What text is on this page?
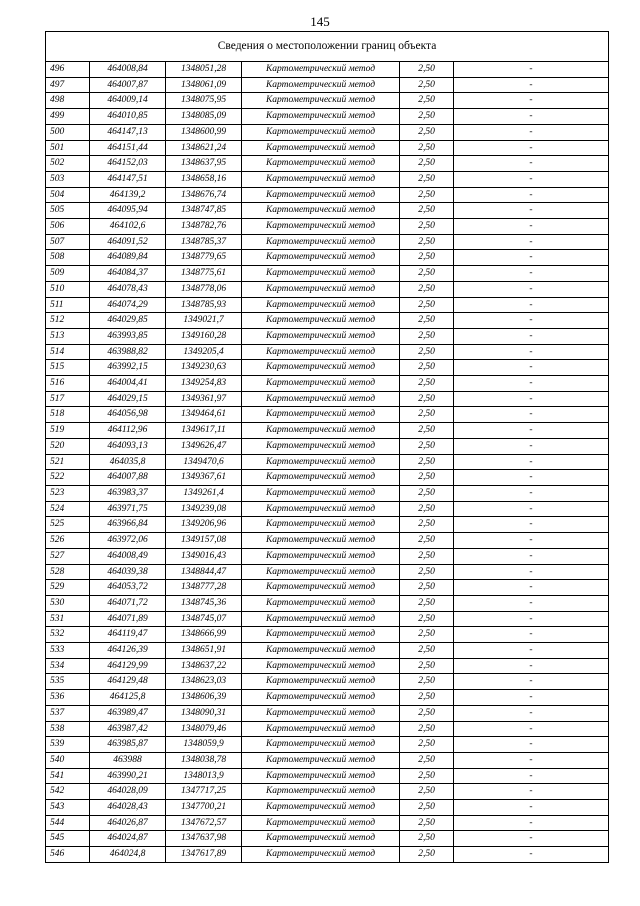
145
Сведения о местоположении границ объекта					
496	464008,84	1348051,28	Картометрический метод	2,50	-
497	464007,87	1348061,09	Картометрический метод	2,50	-
498	464009,14	1348075,95	Картометрический метод	2,50	-
499	464010,85	1348085,09	Картометрический метод	2,50	-
500	464147,13	1348600,99	Картометрический метод	2,50	-
501	464151,44	1348621,24	Картометрический метод	2,50	-
502	464152,03	1348637,95	Картометрический метод	2,50	-
503	464147,51	1348658,16	Картометрический метод	2,50	-
504	464139,2	1348676,74	Картометрический метод	2,50	-
505	464095,94	1348747,85	Картометрический метод	2,50	-
506	464102,6	1348782,76	Картометрический метод	2,50	-
507	464091,52	1348785,37	Картометрический метод	2,50	-
508	464089,84	1348779,65	Картометрический метод	2,50	-
509	464084,37	1348775,61	Картометрический метод	2,50	-
510	464078,43	1348778,06	Картометрический метод	2,50	-
511	464074,29	1348785,93	Картометрический метод	2,50	-
512	464029,85	1349021,7	Картометрический метод	2,50	-
513	463993,85	1349160,28	Картометрический метод	2,50	-
514	463988,82	1349205,4	Картометрический метод	2,50	-
515	463992,15	1349230,63	Картометрический метод	2,50	-
516	464004,41	1349254,83	Картометрический метод	2,50	-
517	464029,15	1349361,97	Картометрический метод	2,50	-
518	464056,98	1349464,61	Картометрический метод	2,50	-
519	464112,96	1349617,11	Картометрический метод	2,50	-
520	464093,13	1349626,47	Картометрический метод	2,50	-
521	464035,8	1349470,6	Картометрический метод	2,50	-
522	464007,88	1349367,61	Картометрический метод	2,50	-
523	463983,37	1349261,4	Картометрический метод	2,50	-
524	463971,75	1349239,08	Картометрический метод	2,50	-
525	463966,84	1349206,96	Картометрический метод	2,50	-
526	463972,06	1349157,08	Картометрический метод	2,50	-
527	464008,49	1349016,43	Картометрический метод	2,50	-
528	464039,38	1348844,47	Картометрический метод	2,50	-
529	464053,72	1348777,28	Картометрический метод	2,50	-
530	464071,72	1348745,36	Картометрический метод	2,50	-
531	464071,89	1348745,07	Картометрический метод	2,50	-
532	464119,47	1348666,99	Картометрический метод	2,50	-
533	464126,39	1348651,91	Картометрический метод	2,50	-
534	464129,99	1348637,22	Картометрический метод	2,50	-
535	464129,48	1348623,03	Картометрический метод	2,50	-
536	464125,8	1348606,39	Картометрический метод	2,50	-
537	463989,47	1348090,31	Картометрический метод	2,50	-
538	463987,42	1348079,46	Картометрический метод	2,50	-
539	463985,87	1348059,9	Картометрический метод	2,50	-
540	463988	1348038,78	Картометрический метод	2,50	-
541	463990,21	1348013,9	Картометрический метод	2,50	-
542	464028,09	1347717,25	Картометрический метод	2,50	-
543	464028,43	1347700,21	Картометрический метод	2,50	-
544	464026,87	1347672,57	Картометрический метод	2,50	-
545	464024,87	1347637,98	Картометрический метод	2,50	-
546	464024,8	1347617,89	Картометрический метод	2,50	-
